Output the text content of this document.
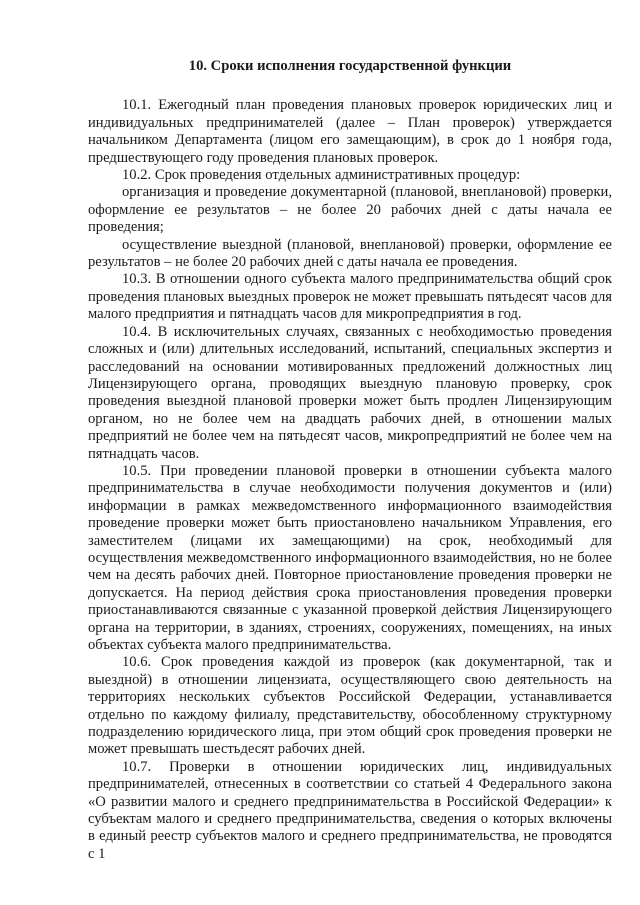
10. Сроки исполнения государственной функции

10.1. Ежегодный план проведения плановых проверок юридических лиц и индивидуальных предпринимателей (далее – План проверок) утверждается начальником Департамента (лицом его замещающим), в срок до 1 ноября года, предшествующего году проведения плановых проверок.

10.2. Срок проведения отдельных административных процедур:

организация и проведение документарной (плановой, внеплановой) проверки, оформление ее результатов – не более 20 рабочих дней с даты начала ее проведения;

осуществление выездной (плановой, внеплановой) проверки, оформление ее результатов – не более 20 рабочих дней с даты начала ее проведения.

10.3. В отношении одного субъекта малого предпринимательства общий срок проведения плановых выездных проверок не может превышать пятьдесят часов для малого предприятия и пятнадцать часов для микропредприятия в год.

10.4. В исключительных случаях, связанных с необходимостью проведения сложных и (или) длительных исследований, испытаний, специальных экспертиз и расследований на основании мотивированных предложений должностных лиц Лицензирующего органа, проводящих выездную плановую проверку, срок проведения выездной плановой проверки может быть продлен Лицензирующим органом, но не более чем на двадцать рабочих дней, в отношении малых предприятий не более чем на пятьдесят часов, микропредприятий не более чем на пятнадцать часов.

10.5. При проведении плановой проверки в отношении субъекта малого предпринимательства в случае необходимости получения документов и (или) информации в рамках межведомственного информационного взаимодействия проведение проверки может быть приостановлено начальником Управления, его заместителем (лицами их замещающими) на срок, необходимый для осуществления межведомственного информационного взаимодействия, но не более чем на десять рабочих дней. Повторное приостановление проведения проверки не допускается. На период действия срока приостановления проведения проверки приостанавливаются связанные с указанной проверкой действия Лицензирующего органа на территории, в зданиях, строениях, сооружениях, помещениях, на иных объектах субъекта малого предпринимательства.

10.6. Срок проведения каждой из проверок (как документарной, так и выездной) в отношении лицензиата, осуществляющего свою деятельность на территориях нескольких субъектов Российской Федерации, устанавливается отдельно по каждому филиалу, представительству, обособленному структурному подразделению юридического лица, при этом общий срок проведения проверки не может превышать шестьдесят рабочих дней.

10.7. Проверки в отношении юридических лиц, индивидуальных предпринимателей, отнесенных в соответствии со статьей 4 Федерального закона «О развитии малого и среднего предпринимательства в Российской Федерации» к субъектам малого и среднего предпринимательства, сведения о которых включены в единый реестр субъектов малого и среднего предпринимательства, не проводятся с 1
